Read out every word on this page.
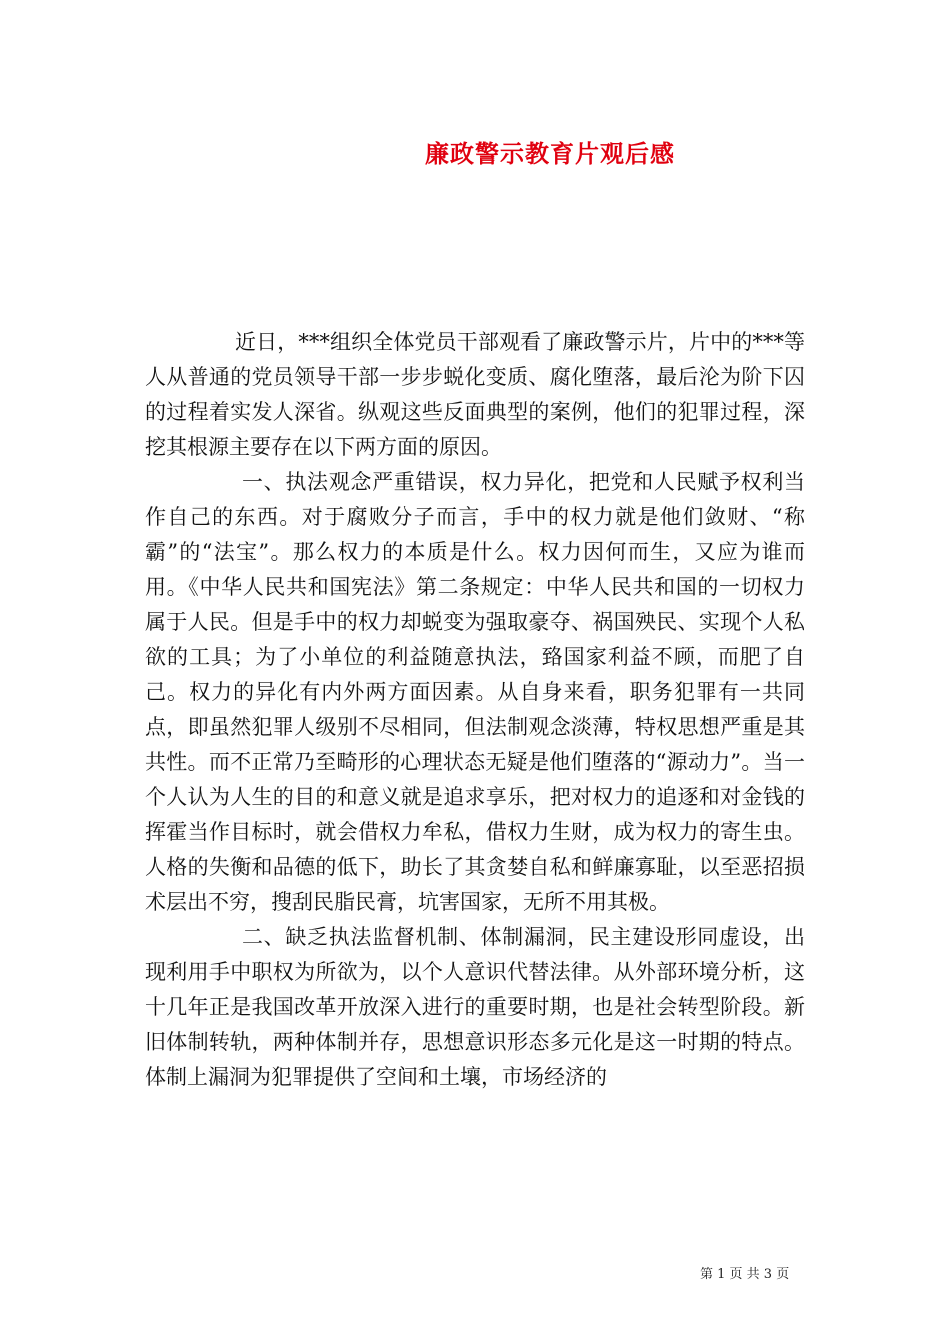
廉政警示教育片观后感

近日，***组织全体党员干部观看了廉政警示片，片中的***等人从普通的党员领导干部一步步蜕化变质、腐化堕落，最后沦为阶下囚的过程着实发人深省。纵观这些反面典型的案例，他们的犯罪过程，深挖其根源主要存在以下两方面的原因。

一、执法观念严重错误，权力异化，把党和人民赋予权利当作自己的东西。对于腐败分子而言，手中的权力就是他们敛财、“称霸”的“法宝”。那么权力的本质是什么。权力因何而生，又应为谁而用。《中华人民共和国宪法》第二条规定：中华人民共和国的一切权力属于人民。但是手中的权力却蜕变为强取豪夺、祸国殃民、实现个人私欲的工具；为了小单位的利益随意执法，臵国家利益不顾，而肥了自己。权力的异化有内外两方面因素。从自身来看，职务犯罪有一共同点，即虽然犯罪人级别不尽相同，但法制观念淡薄，特权思想严重是其共性。而不正常乃至畸形的心理状态无疑是他们堕落的“源动力”。当一个人认为人生的目的和意义就是追求享乐，把对权力的追逐和对金钱的挥霍当作目标时，就会借权力牟私，借权力生财，成为权力的寄生虫。人格的失衡和品德的低下，助长了其贪婪自私和鲜廉寡耻，以至恶招损术层出不穷，搜刮民脂民膏，坑害国家，无所不用其极。

二、缺乏执法监督机制、体制漏洞，民主建设形同虚设，出现利用手中职权为所欲为，以个人意识代替法律。从外部环境分析，这十几年正是我国改革开放深入进行的重要时期，也是社会转型阶段。新旧体制转轨，两种体制并存，思想意识形态多元化是这一时期的特点。体制上漏洞为犯罪提供了空间和土壤，市场经济的

第 1 页 共 3 页
